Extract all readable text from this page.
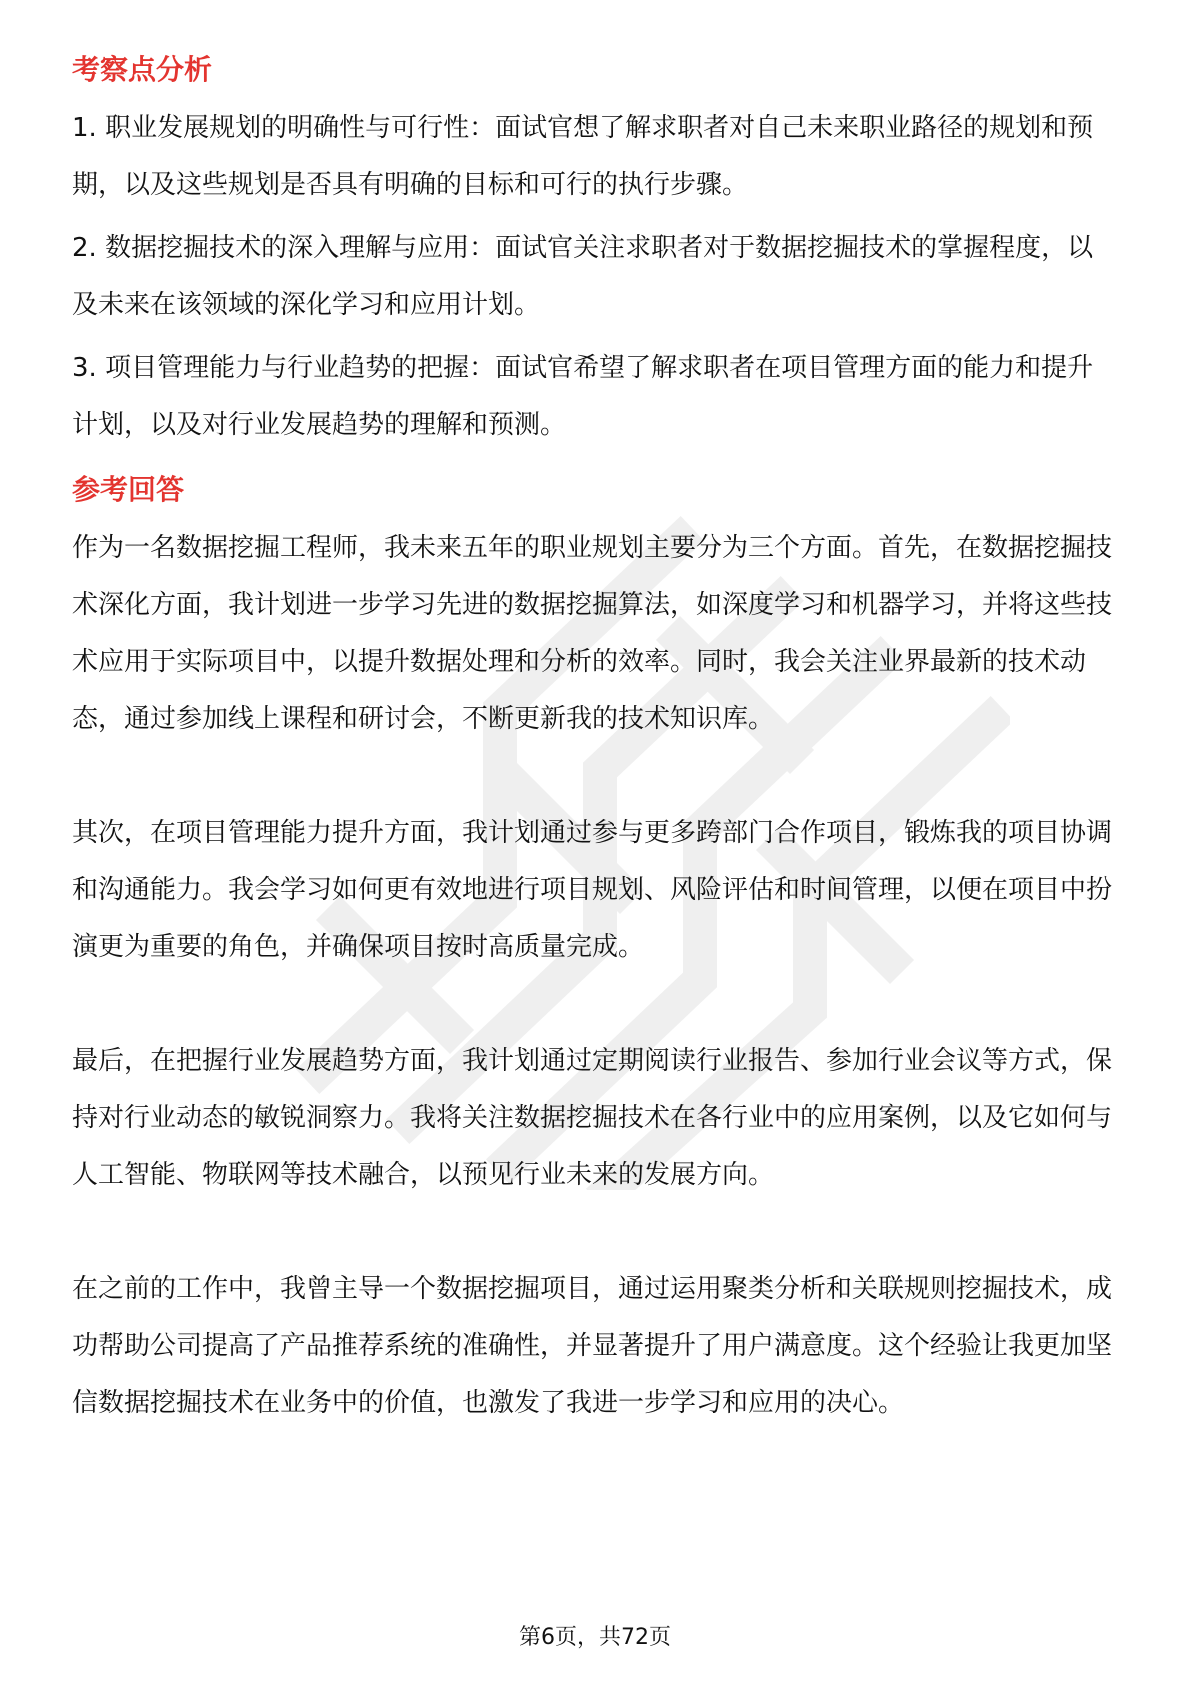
考察点分析

1. 职业发展规划的明确性与可行性：面试官想了解求职者对自己未来职业路径的规划和预期，以及这些规划是否具有明确的目标和可行的执行步骤。

2. 数据挖掘技术的深入理解与应用：面试官关注求职者对于数据挖掘技术的掌握程度，以及未来在该领域的深化学习和应用计划。

3. 项目管理能力与行业趋势的把握：面试官希望了解求职者在项目管理方面的能力和提升计划，以及对行业发展趋势的理解和预测。

参考回答

作为一名数据挖掘工程师，我未来五年的职业规划主要分为三个方面。首先，在数据挖掘技术深化方面，我计划进一步学习先进的数据挖掘算法，如深度学习和机器学习，并将这些技术应用于实际项目中，以提升数据处理和分析的效率。同时，我会关注业界最新的技术动态，通过参加线上课程和研讨会，不断更新我的技术知识库。

其次，在项目管理能力提升方面，我计划通过参与更多跨部门合作项目，锻炼我的项目协调和沟通能力。我会学习如何更有效地进行项目规划、风险评估和时间管理，以便在项目中扮演更为重要的角色，并确保项目按时高质量完成。

最后，在把握行业发展趋势方面，我计划通过定期阅读行业报告、参加行业会议等方式，保持对行业动态的敏锐洞察力。我将关注数据挖掘技术在各行业中的应用案例，以及它如何与人工智能、物联网等技术融合，以预见行业未来的发展方向。

在之前的工作中，我曾主导一个数据挖掘项目，通过运用聚类分析和关联规则挖掘技术，成功帮助公司提高了产品推荐系统的准确性，并显著提升了用户满意度。这个经验让我更加坚信数据挖掘技术在业务中的价值，也激发了我进一步学习和应用的决心。

第6页，共72页
